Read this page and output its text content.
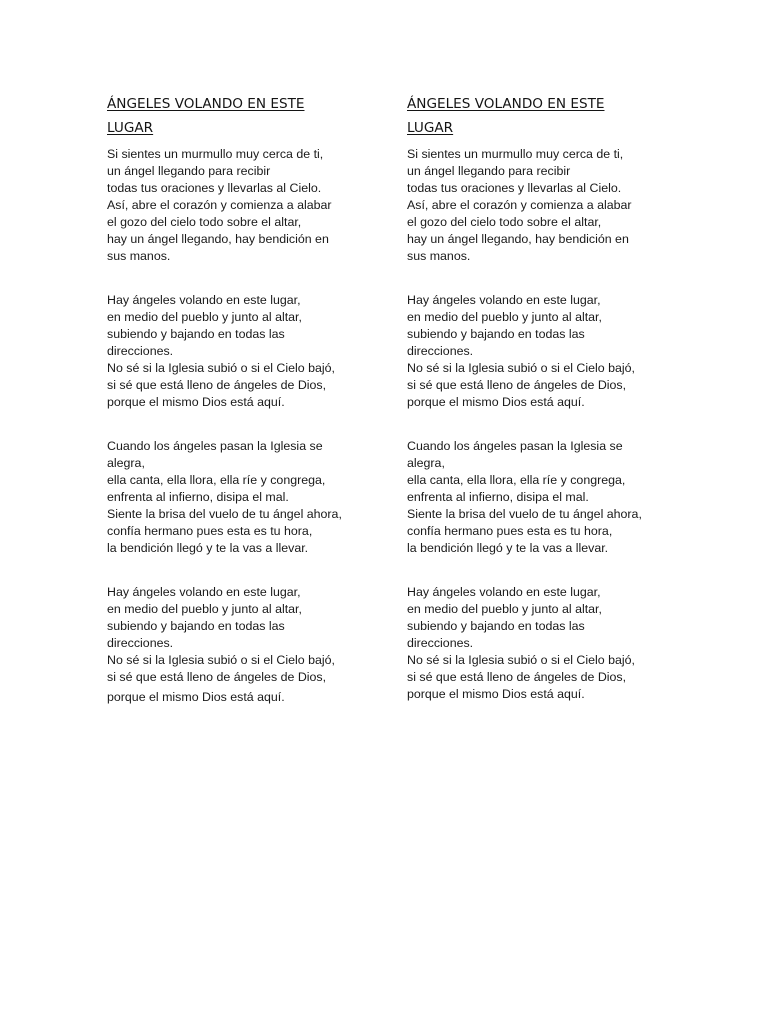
ÁNGELES VOLANDO EN ESTE
LUGAR
Si sientes un murmullo muy cerca de ti,
un ángel llegando para recibir
todas tus oraciones y llevarlas al Cielo.
Así, abre el corazón y comienza a alabar
el gozo del cielo todo sobre el altar,
hay un ángel llegando, hay bendición en
sus manos.
Hay ángeles volando en este lugar,
en medio del pueblo y junto al altar,
subiendo y bajando en todas las
direcciones.
No sé si la Iglesia subió o si el Cielo bajó,
si sé que está lleno de ángeles de Dios,
porque el mismo Dios está aquí.
Cuando los ángeles pasan la Iglesia se
alegra,
ella canta, ella llora, ella ríe y congrega,
enfrenta al infierno, disipa el mal.
Siente la brisa del vuelo de tu ángel ahora,
confía hermano pues esta es tu hora,
la bendición llegó y te la vas a llevar.
Hay ángeles volando en este lugar,
en medio del pueblo y junto al altar,
subiendo y bajando en todas las
direcciones.
No sé si la Iglesia subió o si el Cielo bajó,
si sé que está lleno de ángeles de Dios,
porque el mismo Dios está aquí.
ÁNGELES VOLANDO EN ESTE
LUGAR
Si sientes un murmullo muy cerca de ti,
un ángel llegando para recibir
todas tus oraciones y llevarlas al Cielo.
Así, abre el corazón y comienza a alabar
el gozo del cielo todo sobre el altar,
hay un ángel llegando, hay bendición en
sus manos.
Hay ángeles volando en este lugar,
en medio del pueblo y junto al altar,
subiendo y bajando en todas las
direcciones.
No sé si la Iglesia subió o si el Cielo bajó,
si sé que está lleno de ángeles de Dios,
porque el mismo Dios está aquí.
Cuando los ángeles pasan la Iglesia se
alegra,
ella canta, ella llora, ella ríe y congrega,
enfrenta al infierno, disipa el mal.
Siente la brisa del vuelo de tu ángel ahora,
confía hermano pues esta es tu hora,
la bendición llegó y te la vas a llevar.
Hay ángeles volando en este lugar,
en medio del pueblo y junto al altar,
subiendo y bajando en todas las
direcciones.
No sé si la Iglesia subió o si el Cielo bajó,
si sé que está lleno de ángeles de Dios,
porque el mismo Dios está aquí.
